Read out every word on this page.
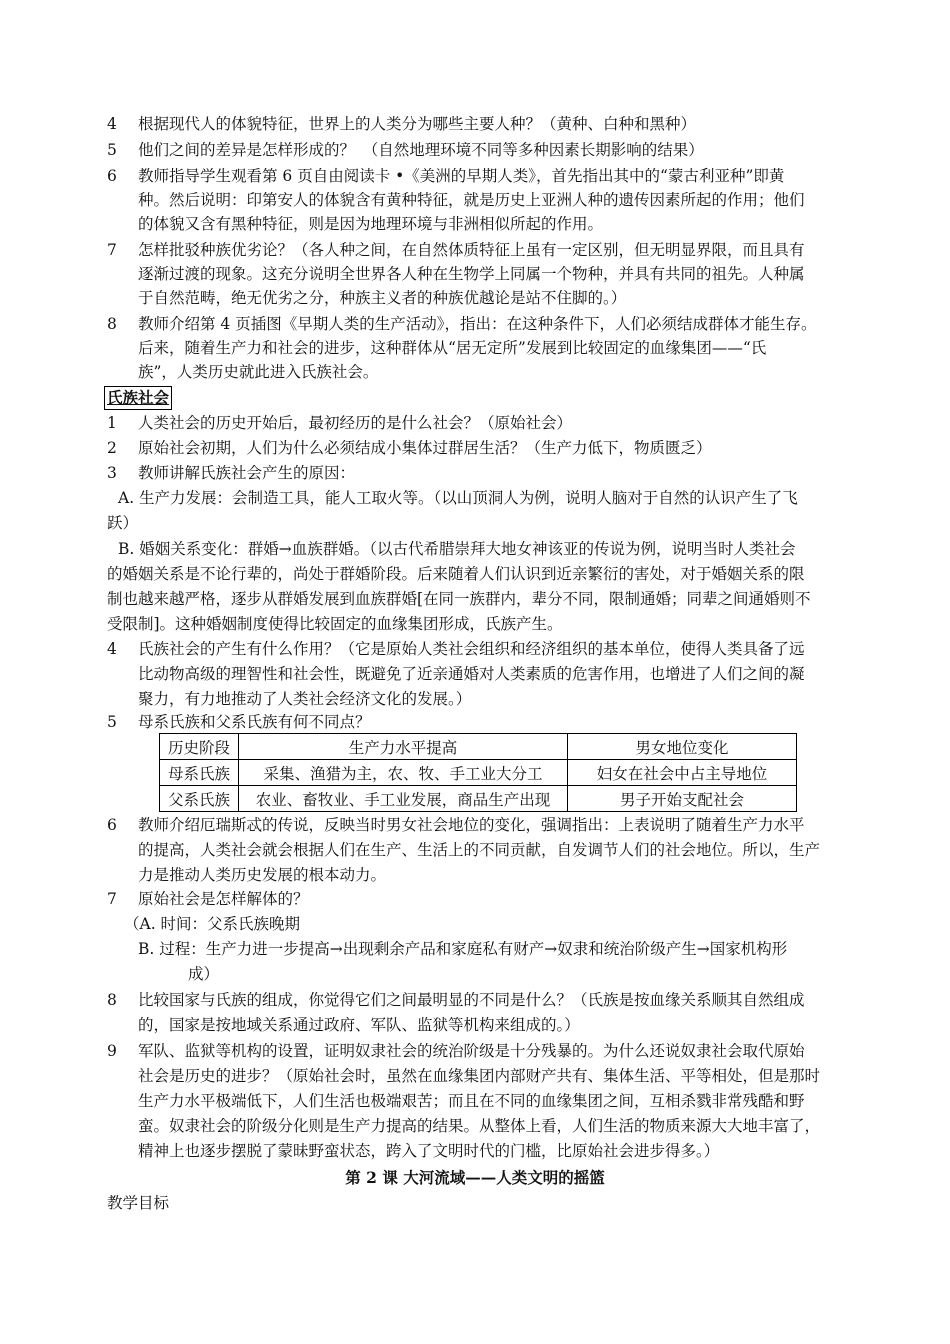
4 根据现代人的体貌特征，世界上的人类分为哪些主要人种？（黄种、白种和黑种）
5 他们之间的差异是怎样形成的？　（自然地理环境不同等多种因素长期影响的结果）
6 教师指导学生观看第 6 页自由阅读卡 •《美洲的早期人类》，首先指出其中的“蒙古利亚种”即黄
种。然后说明：印第安人的体貌含有黄种特征，就是历史上亚洲人种的遗传因素所起的作用；他们
的体貌又含有黑种特征，则是因为地理环境与非洲相似所起的作用。
7 怎样批驳种族优劣论？（各人种之间，在自然体质特征上虽有一定区别，但无明显界限，而且具有
逐渐过渡的现象。这充分说明全世界各人种在生物学上同属一个物种，并具有共同的祖先。人种属
于自然范畴，绝无优劣之分，种族主义者的种族优越论是站不住脚的。）
8 教师介绍第 4 页插图《早期人类的生产活动》，指出：在这种条件下，人们必须结成群体才能生存。
后来，随着生产力和社会的进步，这种群体从“居无定所”发展到比较固定的血缘集团——“氏
族”，人类历史就此进入氏族社会。
氏族社会
1 人类社会的历史开始后，最初经历的是什么社会？（原始社会）
2 原始社会初期，人们为什么必须结成小集体过群居生活？（生产力低下，物质匮乏）
3 教师讲解氏族社会产生的原因：
A. 生产力发展：会制造工具，能人工取火等。（以山顶洞人为例，说明人脑对于自然的认识产生了飞
跃）
B. 婚姻关系变化：群婚→血族群婚。（以古代希腊崇拜大地女神该亚的传说为例，说明当时人类社会
的婚姻关系是不论行辈的，尚处于群婚阶段。后来随着人们认识到近亲繁衍的害处，对于婚姻关系的限
制也越来越严格，逐步从群婚发展到血族群婚[在同一族群内，辈分不同，限制通婚；同辈之间通婚则不
受限制]。这种婚姻制度使得比较固定的血缘集团形成，氏族产生。
4 氏族社会的产生有什么作用？（它是原始人类社会组织和经济组织的基本单位，使得人类具备了远
比动物高级的理智性和社会性，既避免了近亲通婚对人类素质的危害作用，也增进了人们之间的凝
聚力，有力地推动了人类社会经济文化的发展。）
5 母系氏族和父系氏族有何不同点？
历史阶段	生产力水平提高	男女地位变化
母系氏族	采集、渔猎为主，农、牧、手工业大分工	妇女在社会中占主导地位
父系氏族	农业、畜牧业、手工业发展，商品生产出现	男子开始支配社会
6 教师介绍厄瑞斯忒的传说，反映当时男女社会地位的变化，强调指出：上表说明了随着生产力水平
的提高，人类社会就会根据人们在生产、生活上的不同贡献，自发调节人们的社会地位。所以，生产
力是推动人类历史发展的根本动力。
7 原始社会是怎样解体的？
（A. 时间：父系氏族晚期
B. 过程：生产力进一步提高→出现剩余产品和家庭私有财产→奴隶和统治阶级产生→国家机构形
成）
8 比较国家与氏族的组成，你觉得它们之间最明显的不同是什么？（氏族是按血缘关系顺其自然组成
的，国家是按地域关系通过政府、军队、监狱等机构来组成的。）
9 军队、监狱等机构的设置，证明奴隶社会的统治阶级是十分残暴的。为什么还说奴隶社会取代原始
社会是历史的进步？（原始社会时，虽然在血缘集团内部财产共有、集体生活、平等相处，但是那时
生产力水平极端低下，人们生活也极端艰苦；而且在不同的血缘集团之间，互相杀戮非常残酷和野
蛮。奴隶社会的阶级分化则是生产力提高的结果。从整体上看，人们生活的物质来源大大地丰富了，
精神上也逐步摆脱了蒙昧野蛮状态，跨入了文明时代的门槛，比原始社会进步得多。）
第 2 课 大河流域——人类文明的摇篮
教学目标
